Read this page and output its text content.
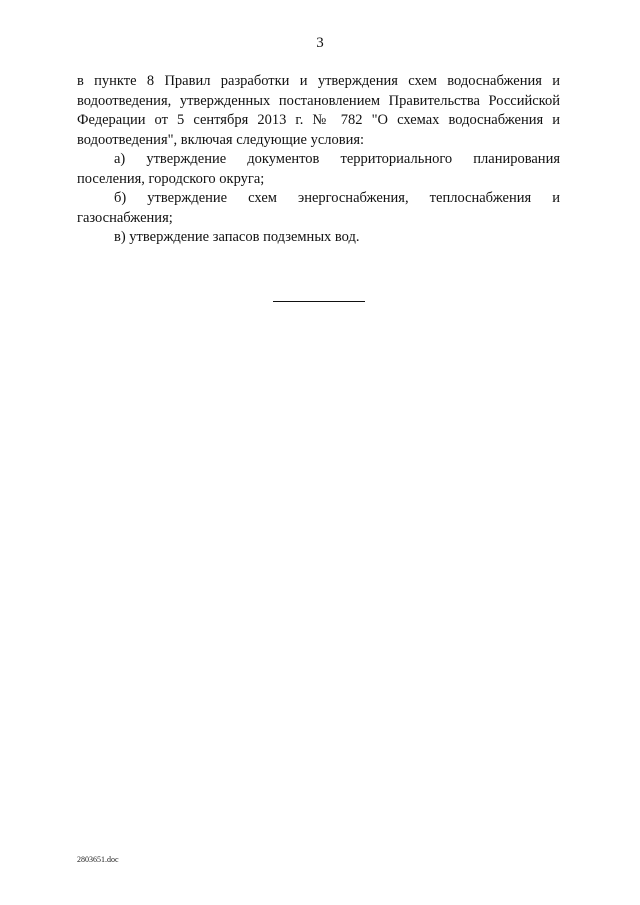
3

в пункте 8 Правил разработки и утверждения схем водоснабжения и водоотведения, утвержденных постановлением Правительства Российской Федерации от 5 сентября 2013 г. № 782 "О схемах водоснабжения и водоотведения", включая следующие условия:

а) утверждение документов территориального планирования поселения, городского округа;

б) утверждение схем энергоснабжения, теплоснабжения и газоснабжения;

в) утверждение запасов подземных вод.

2803651.doc
